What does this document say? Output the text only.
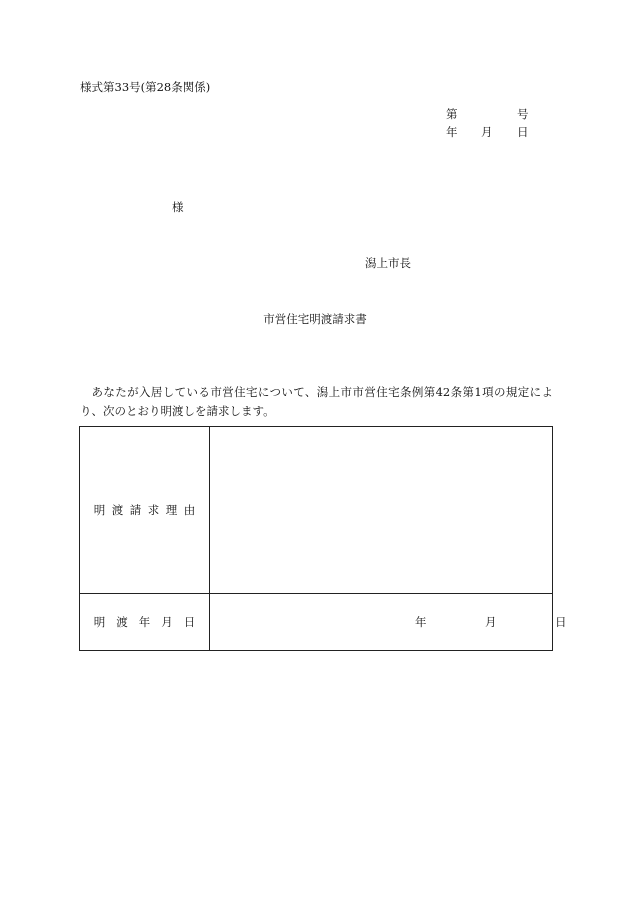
様式第33号(第28条関係)
第	号
年 月 日
様
潟上市長
市営住宅明渡請求書
あなたが入居している市営住宅について、潟上市市営住宅条例第42条第1項の規定により、次のとおり明渡しを請求します。
明渡請求理由
明渡年月日	年	月	日
